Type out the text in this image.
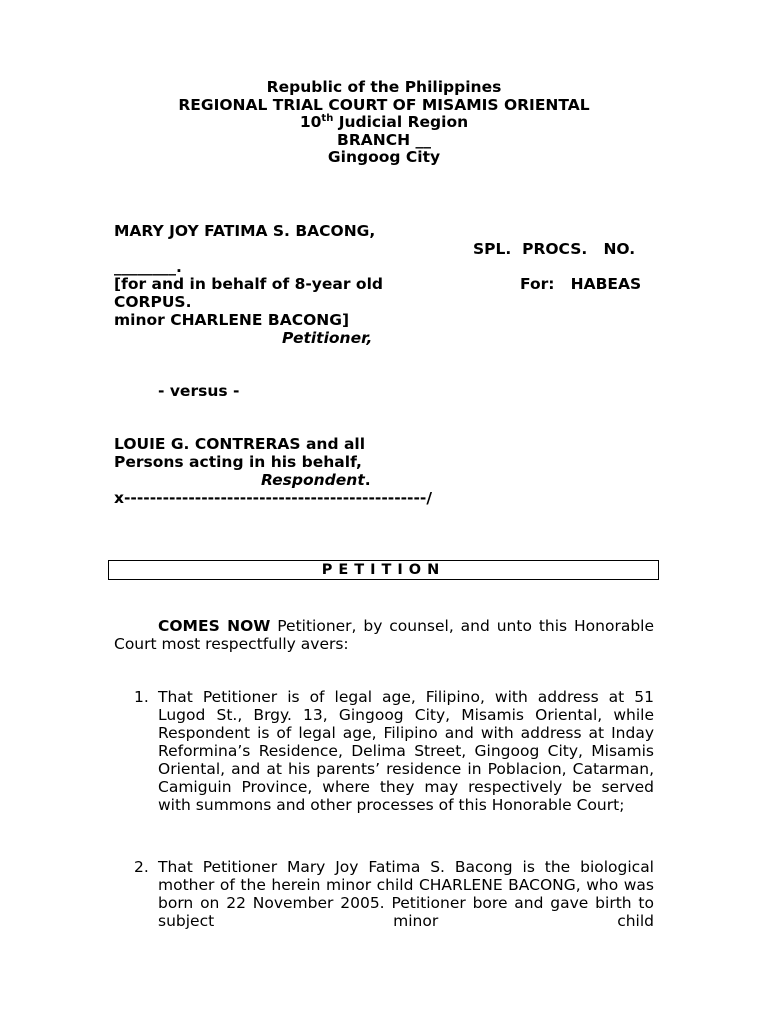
Republic of the Philippines
REGIONAL TRIAL COURT OF MISAMIS ORIENTAL
10th Judicial Region
BRANCH __
Gingoog City
MARY JOY FATIMA S. BACONG,
SPL.  PROCS.   NO.
________.
[for and in behalf of 8-year old	For:   HABEAS
CORPUS.
minor CHARLENE BACONG]
Petitioner,
- versus -
LOUIE G. CONTRERAS and all
Persons acting in his behalf,
Respondent.
x-----------------------------------------------/
PETITION
COMES NOW Petitioner, by counsel, and unto this Honorable Court most respectfully avers:
1. That Petitioner is of legal age, Filipino, with address at 51 Lugod St., Brgy. 13, Gingoog City, Misamis Oriental, while Respondent is of legal age, Filipino and with address at Inday Reformina’s Residence, Delima Street, Gingoog City, Misamis Oriental, and at his parents’ residence in Poblacion, Catarman, Camiguin Province, where they may respectively be served with summons and other processes of this Honorable Court;
2. That Petitioner Mary Joy Fatima S. Bacong is the biological mother of the herein minor child CHARLENE BACONG, who was born on 22 November 2005. Petitioner bore and gave birth to subject minor child
